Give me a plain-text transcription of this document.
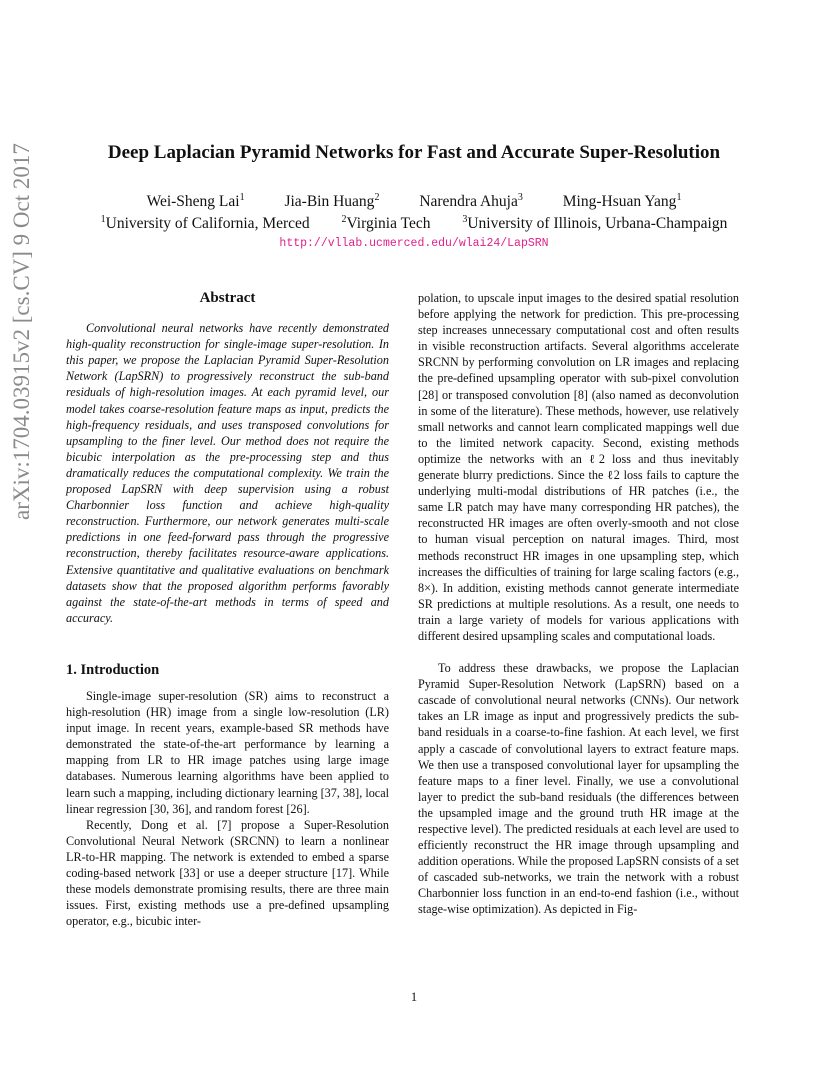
Deep Laplacian Pyramid Networks for Fast and Accurate Super-Resolution
Wei-Sheng Lai$^1$	Jia-Bin Huang$^2$	Narendra Ahuja$^3$	Ming-Hsuan Yang$^1$
$^1$University of California, Merced	$^2$Virginia Tech	$^3$University of Illinois, Urbana-Champaign
http://vllab.ucmerced.edu/wlai24/LapSRN
arXiv:1704.03915v2 [cs.CV] 9 Oct 2017	Abstract

Convolutional neural networks have recently demonstrated high-quality reconstruction for single-image super-resolution. In this paper, we propose the Laplacian Pyramid Super-Resolution Network (LapSRN) to progressively reconstruct the sub-band residuals of high-resolution images. At each pyramid level, our model takes coarse-resolution feature maps as input, predicts the high-frequency residuals, and uses transposed convolutions for upsampling to the finer level. Our method does not require the bicubic interpolation as the pre-processing step and thus dramatically reduces the computational complexity. We train the proposed LapSRN with deep supervision using a robust Charbonnier loss function and achieve high-quality reconstruction. Furthermore, our network generates multi-scale predictions in one feed-forward pass through the progressive reconstruction, thereby facilitates resource-aware applications. Extensive quantitative and qualitative evaluations on benchmark datasets show that the proposed algorithm performs favorably against the state-of-the-art methods in terms of speed and accuracy.

1. Introduction

Single-image super-resolution (SR) aims to reconstruct a high-resolution (HR) image from a single low-resolution (LR) input image. In recent years, example-based SR methods have demonstrated the state-of-the-art performance by learning a mapping from LR to HR image patches using large image databases. Numerous learning algorithms have been applied to learn such a mapping, including dictionary learning [37, 38], local linear regression [30, 36], and random forest [26].

Recently, Dong et al. [7] propose a Super-Resolution Convolutional Neural Network (SRCNN) to learn a nonlinear LR-to-HR mapping. The network is extended to embed a sparse coding-based network [33] or use a deeper structure [17]. While these models demonstrate promising results, there are three main issues. First, existing methods use a pre-defined upsampling operator, e.g., bicubic inter-

polation, to upscale input images to the desired spatial resolution before applying the network for prediction. This pre-processing step increases unnecessary computational cost and often results in visible reconstruction artifacts. Several algorithms accelerate SRCNN by performing convolution on LR images and replacing the pre-defined upsampling operator with sub-pixel convolution [28] or transposed convolution [8] (also named as deconvolution in some of the literature). These methods, however, use relatively small networks and cannot learn complicated mappings well due to the limited network capacity. Second, existing methods optimize the networks with an ℓ2 loss and thus inevitably generate blurry predictions. Since the ℓ2 loss fails to capture the underlying multi-modal distributions of HR patches (i.e., the same LR patch may have many corresponding HR patches), the reconstructed HR images are often overly-smooth and not close to human visual perception on natural images. Third, most methods reconstruct HR images in one upsampling step, which increases the difficulties of training for large scaling factors (e.g., 8×). In addition, existing methods cannot generate intermediate SR predictions at multiple resolutions. As a result, one needs to train a large variety of models for various applications with different desired upsampling scales and computational loads.

To address these drawbacks, we propose the Laplacian Pyramid Super-Resolution Network (LapSRN) based on a cascade of convolutional neural networks (CNNs). Our network takes an LR image as input and progressively predicts the sub-band residuals in a coarse-to-fine fashion. At each level, we first apply a cascade of convolutional layers to extract feature maps. We then use a transposed convolutional layer for upsampling the feature maps to a finer level. Finally, we use a convolutional layer to predict the sub-band residuals (the differences between the upsampled image and the ground truth HR image at the respective level). The predicted residuals at each level are used to efficiently reconstruct the HR image through upsampling and addition operations. While the proposed LapSRN consists of a set of cascaded sub-networks, we train the network with a robust Charbonnier loss function in an end-to-end fashion (i.e., without stage-wise optimization). As depicted in Fig-

1
